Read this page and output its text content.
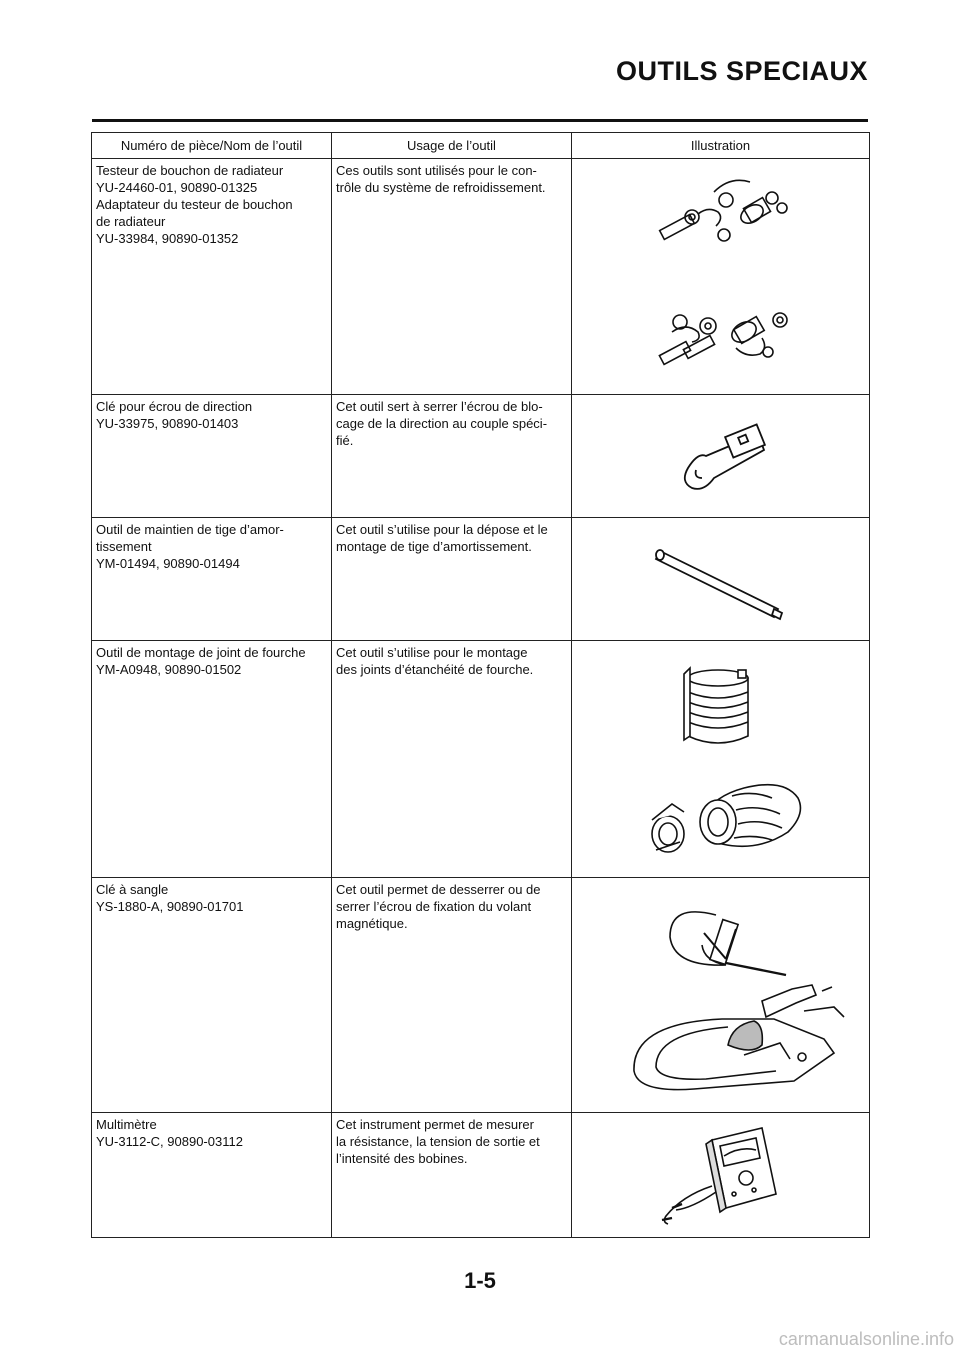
OUTILS SPECIAUX
Numéro de pièce/Nom de l’outil	Usage de l’outil	Illustration

Testeur de bouchon de radiateur
YU-24460-01, 90890-01325
Adaptateur du testeur de bouchon
de radiateur
YU-33984, 90890-01352	Ces outils sont utilisés pour le con-
trôle du système de refroidissement.

Clé pour écrou de direction
YU-33975, 90890-01403	Cet outil sert à serrer l’écrou de blo-
cage de la direction au couple spéci-
fié.

Outil de maintien de tige d’amor-
tissement
YM-01494, 90890-01494	Cet outil s’utilise pour la dépose et le
montage de tige d’amortissement.

Outil de montage de joint de fourche
YM-A0948, 90890-01502	Cet outil s’utilise pour le montage
des joints d’étanchéité de fourche.

Clé à sangle
YS-1880-A, 90890-01701	Cet outil permet de desserrer ou de
serrer l’écrou de fixation du volant
magnétique.

Multimètre
YU-3112-C, 90890-03112	Cet instrument permet de mesurer
la résistance, la tension de sortie et
l’intensité des bobines.

1-5
carmanualsonline.info
